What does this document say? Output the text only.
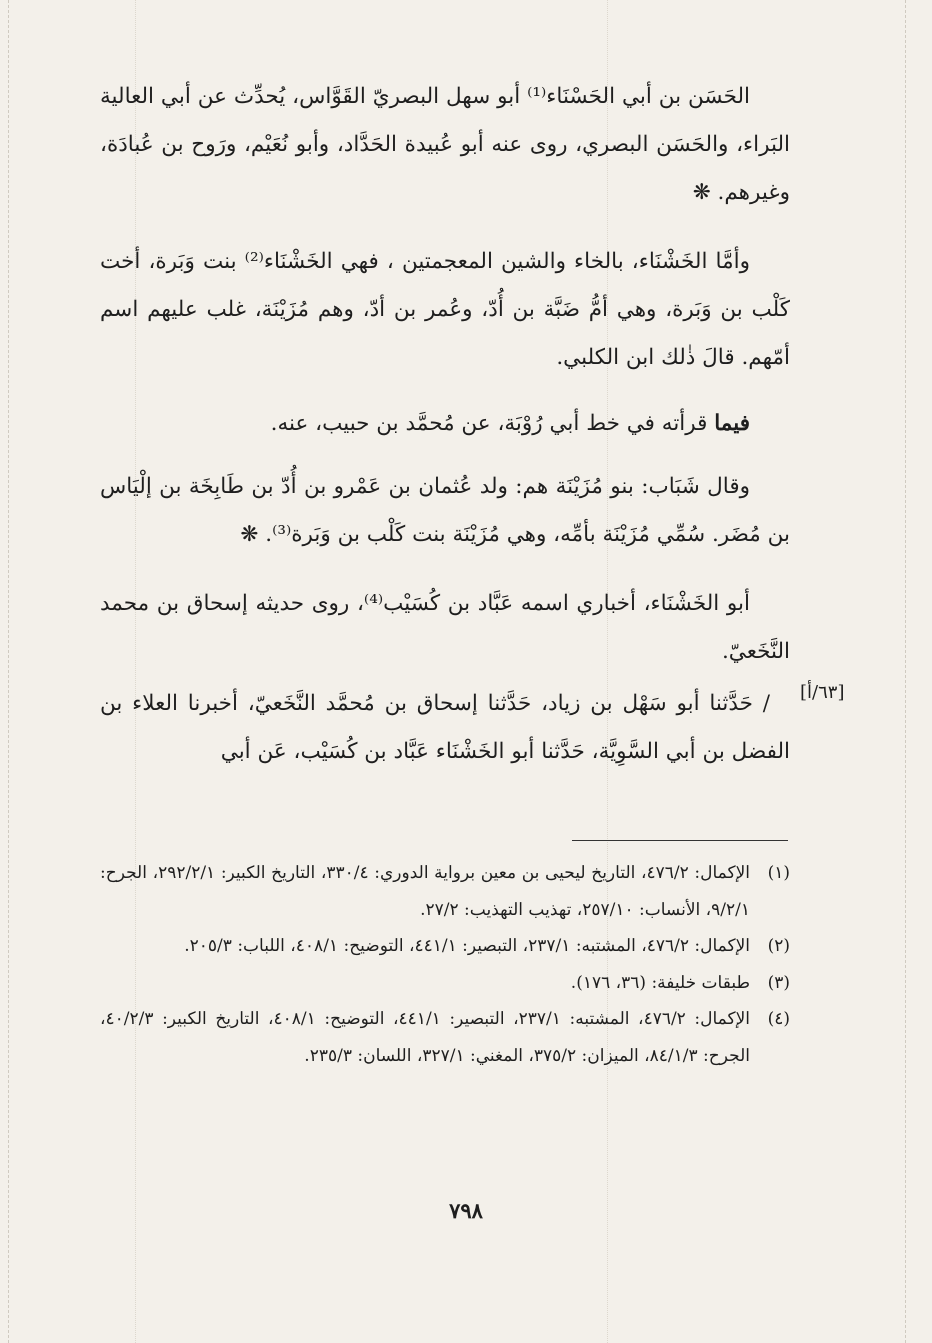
الحَسَن بن أبي الحَسْنَاء⁽¹⁾ أبو سهل البصريّ القَوَّاس، يُحدِّث عن أبي العالية البَراء، والحَسَن البصري، روى عنه أبو عُبيدة الحَدَّاد، وأبو نُعَيْم، ورَوح بن عُبادَة، وغيرهم. ❋

وأمَّا الخَشْنَاء، بالخاء والشين المعجمتين ، فهي الخَشْنَاء⁽²⁾ بنت وَبَرة، أخت كَلْب بن وَبَرة، وهي أمُّ ضَبَّة بن أُدّ، وعُمر بن أدّ، وهم مُزَيْنَة، غلب عليهم اسم أمّهم. قالَ ذٰلك ابن الكلبي.

فيما قرأته في خط أبي رُوْبَة، عن مُحمَّد بن حبيب، عنه.

وقال شَبَاب: بنو مُزَيْنَة هم: ولد عُثمان بن عَمْرو بن أُدّ بن طَابِخَة بن إلْيَاس بن مُضَر. سُمِّي مُزَيْنَة بأمِّه، وهي مُزَيْنَة بنت كَلْب بن وَبَرة⁽³⁾. ❋

أبو الخَشْنَاء، أخباري اسمه عَبَّاد بن كُسَيْب⁽⁴⁾، روى حديثه إسحاق بن محمد النَّخَعيّ.

/ حَدَّثنا أبو سَهْل بن زياد، حَدَّثنا إسحاق بن مُحمَّد النَّخَعيّ، أخبرنا العلاء بن الفضل بن أبي السَّوِيَّة، حَدَّثنا أبو الخَشْنَاء عَبَّاد بن كُسَيْب، عَن أبي

[٦٣/أ]

(١)
الإكمال: ٤٧٦/٢، التاريخ ليحيى بن معين برواية الدوري: ٣٣٠/٤، التاريخ الكبير: ٢٩٢/٢/١، الجرح: ٩/٢/١، الأنساب: ٢٥٧/١٠، تهذيب التهذيب: ٢٧/٢.

(٢)
الإكمال: ٤٧٦/٢، المشتبه: ٢٣٧/١، التبصير: ٤٤١/١، التوضيح: ٤٠٨/١، اللباب: ٢٠٥/٣.

(٣)
طبقات خليفة: (٣٦، ١٧٦).

(٤)
الإكمال: ٤٧٦/٢، المشتبه: ٢٣٧/١، التبصير: ٤٤١/١، التوضيح: ٤٠٨/١، التاريخ الكبير: ٤٠/٢/٣، الجرح: ٨٤/١/٣، الميزان: ٣٧٥/٢، المغني: ٣٢٧/١، اللسان: ٢٣٥/٣.

٧٩٨
